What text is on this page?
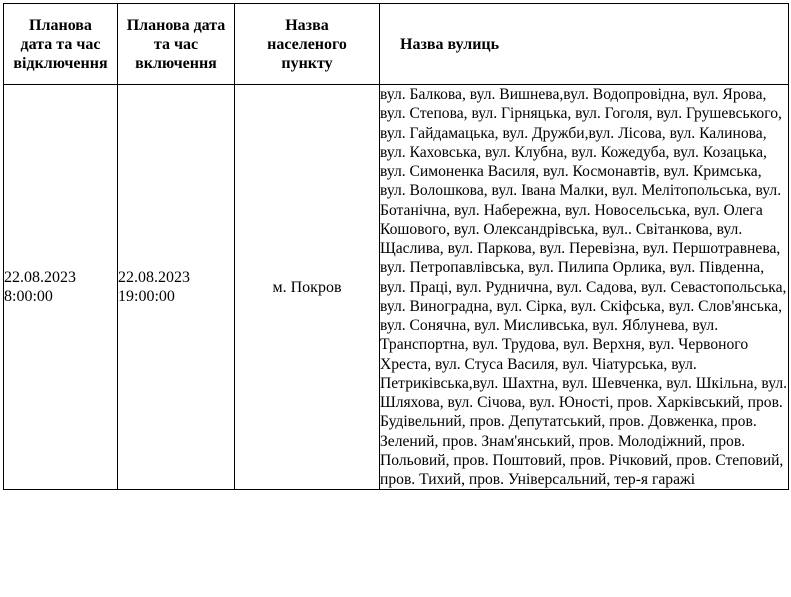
Планова
дата та час
відключення	Планова дата
та час
включення	Назва
населеного
пункту	Назва вулиць
22.08.2023
8:00:00	22.08.2023
19:00:00	м. Покров	вул. Балкова, вул. Вишнева,вул. Водопровідна, вул. Ярова, вул. Степова, вул. Гірняцька, вул. Гоголя, вул. Грушевського, вул. Гайдамацька, вул. Дружби,вул. Лісова, вул. Калинова, вул. Каховська, вул. Клубна, вул. Кожедуба, вул. Козацька, вул. Симоненка Василя, вул. Космонавтів, вул. Кримська, вул. Волошкова, вул. Івана Малки, вул. Мелітопольська, вул. Ботанічна, вул. Набережна, вул. Новосельська, вул. Олега Кошового, вул. Олександрівська, вул.. Світанкова, вул. Щаслива, вул. Паркова, вул. Перевізна, вул. Першотравнева, вул. Петропавлівська, вул. Пилипа Орлика, вул. Південна, вул. Праці, вул. Руднична, вул. Садова, вул. Севастопольська, вул. Виноградна, вул. Сірка, вул. Скіфська, вул. Слов'янська, вул. Сонячна, вул. Мисливська, вул. Яблунева, вул. Транспортна, вул. Трудова, вул. Верхня, вул. Червоного Хреста, вул. Стуса Василя, вул. Чіатурська, вул. Петриківська,вул. Шахтна, вул. Шевченка, вул. Шкільна, вул. Шляхова, вул. Січова, вул. Юності, пров. Харківський, пров. Будівельний, пров. Депутатський, пров. Довженка, пров. Зелений, пров. Знам'янський, пров. Молодіжний, пров. Польовий, пров. Поштовий, пров. Річковий, пров. Степовий, пров. Тихий, пров. Універсальний, тер-я гаражі
